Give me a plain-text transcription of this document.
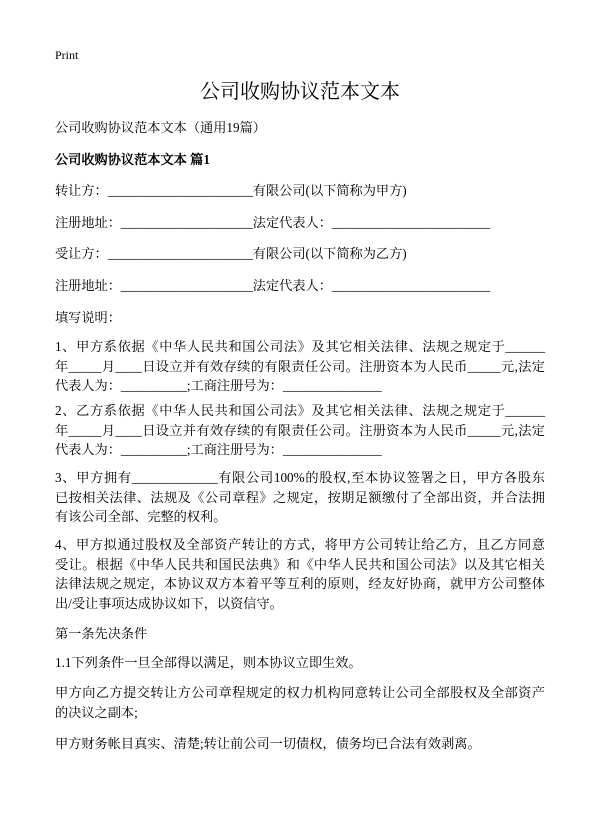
Print
公司收购协议范本文本
公司收购协议范本文本（通用19篇）
公司收购协议范本文本 篇1
转让方：______________________有限公司(以下简称为甲方)
注册地址：____________________法定代表人：________________________
受让方：______________________有限公司(以下简称为乙方)
注册地址：____________________法定代表人：________________________
填写说明：
1、甲方系依据《中华人民共和国公司法》及其它相关法律、法规之规定于______
年_____月____日设立并有效存续的有限责任公司。注册资本为人民币_____元,法定
代表人为：__________;工商注册号为：_______________
2、乙方系依据《中华人民共和国公司法》及其它相关法律、法规之规定于______
年_____月____日设立并有效存续的有限责任公司。注册资本为人民币_____元,法定
代表人为：__________;工商注册号为：_______________
3、甲方拥有_____________有限公司100%的股权,至本协议签署之日，甲方各股东
已按相关法律、法规及《公司章程》之规定，按期足额缴付了全部出资，并合法拥
有该公司全部、完整的权利。
4、甲方拟通过股权及全部资产转让的方式，将甲方公司转让给乙方，且乙方同意
受让。根据《中华人民共和国民法典》和《中华人民共和国公司法》以及其它相关
法律法规之规定，本协议双方本着平等互利的原则，经友好协商，就甲方公司整体
出/受让事项达成协议如下，以资信守。
第一条先决条件
1.1下列条件一旦全部得以满足，则本协议立即生效。
甲方向乙方提交转让方公司章程规定的权力机构同意转让公司全部股权及全部资产
的决议之副本;
甲方财务帐目真实、清楚;转让前公司一切债权，债务均已合法有效剥离。
